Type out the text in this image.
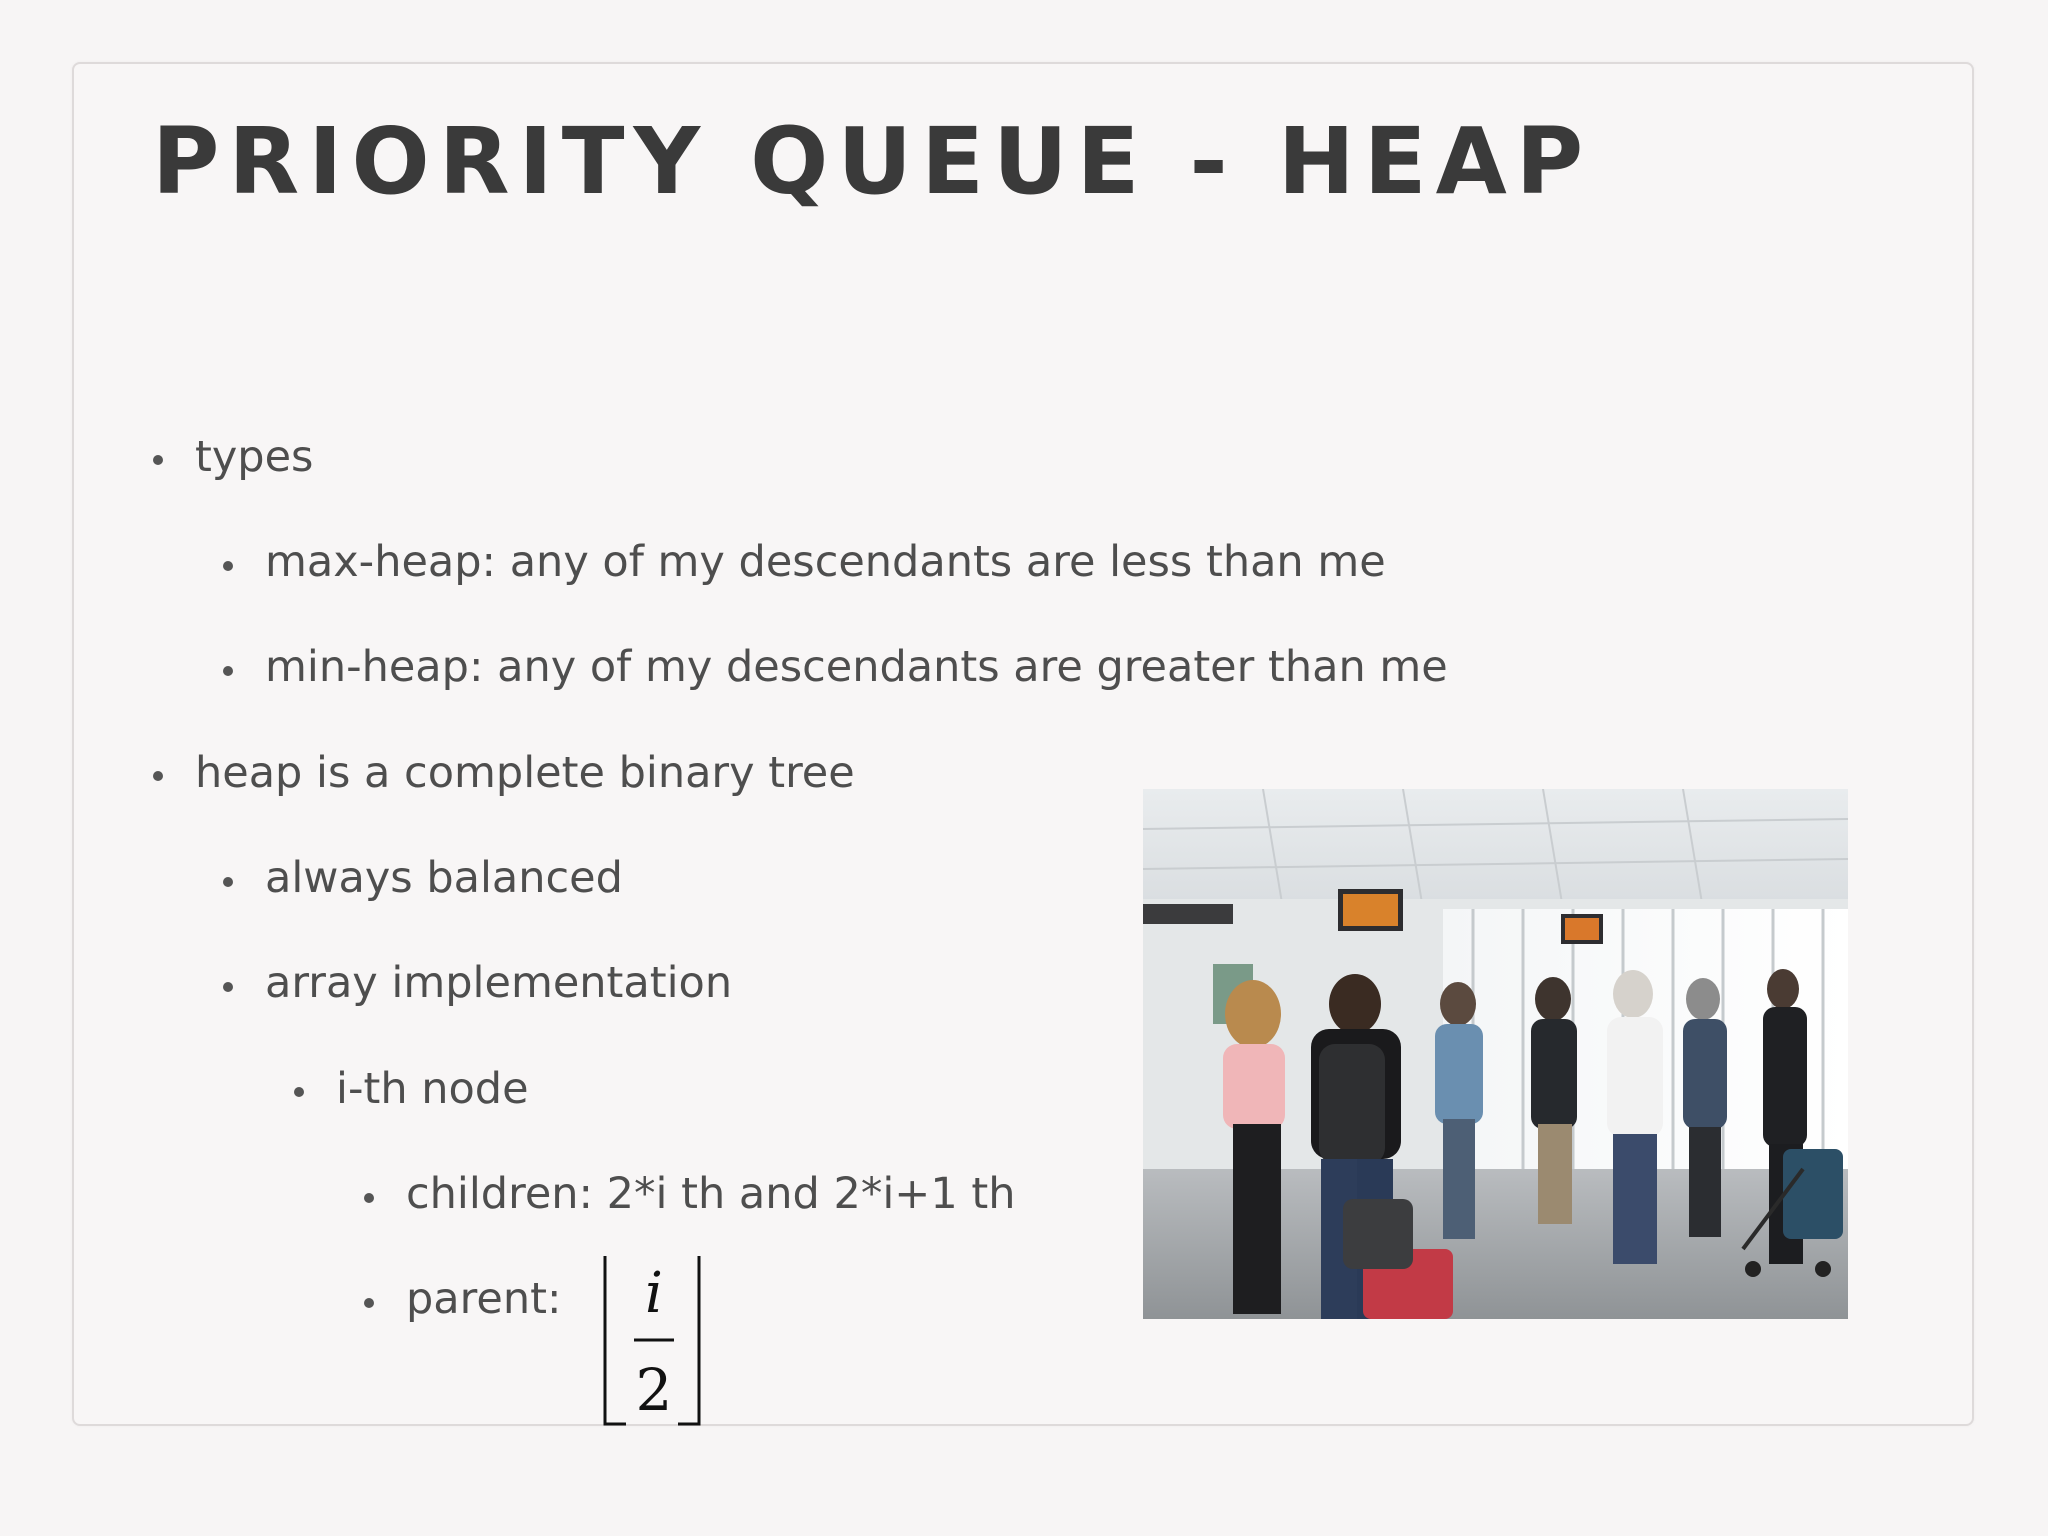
PRIORITY QUEUE - HEAP
types
max-heap: any of my descendants are less than me
min-heap: any of my descendants are greater than me
heap is a complete binary tree
always balanced
array implementation
i-th node
children: 2*i th and 2*i+1 th
parent: i
2
